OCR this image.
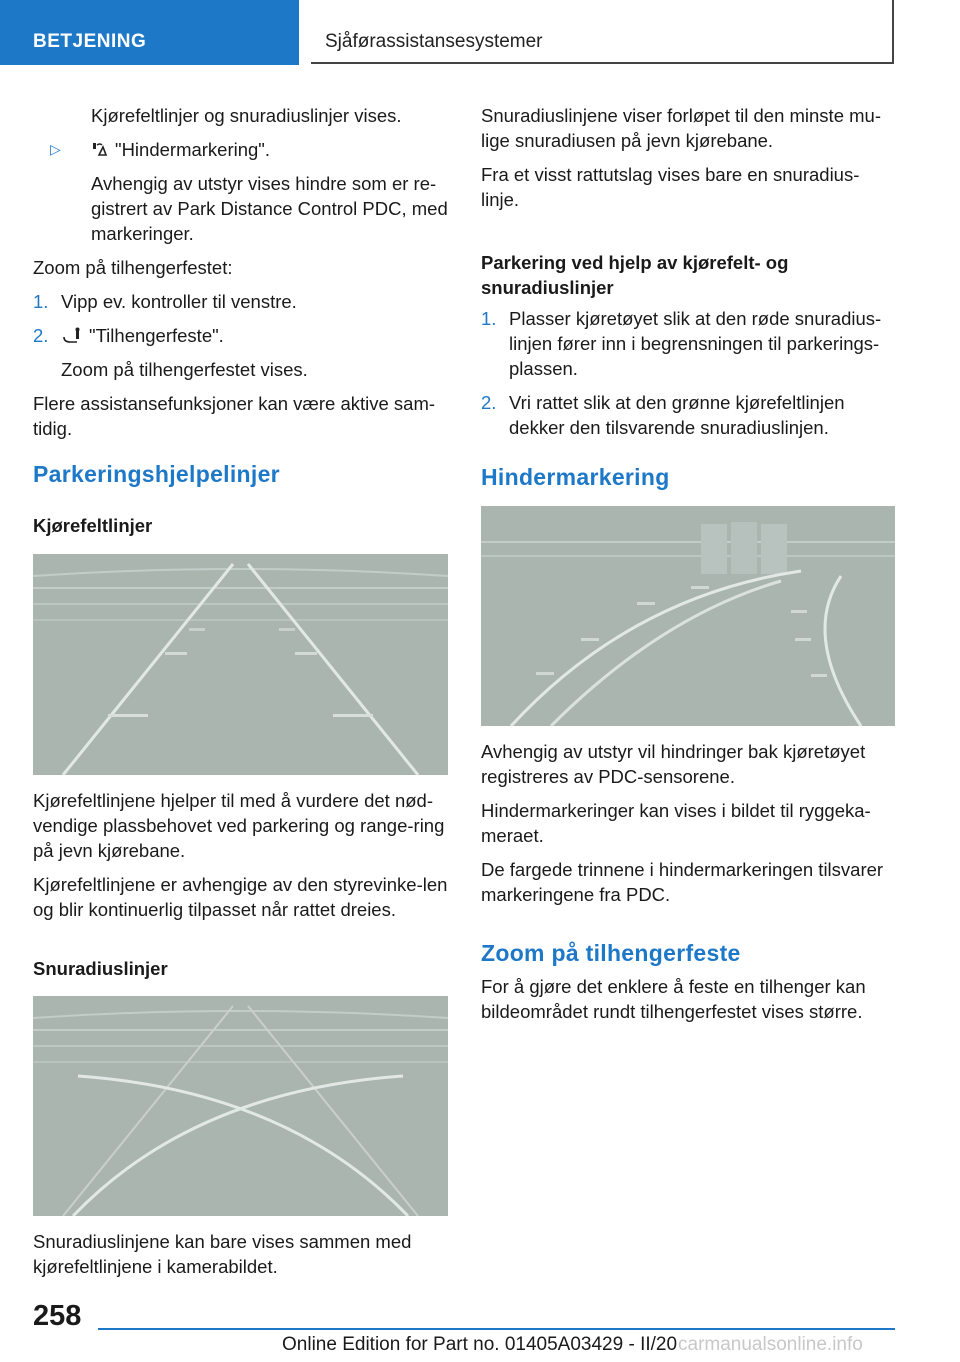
BETJENING	Sjåførassistansesystemer

Kjørefeltlinjer og snuradiuslinjer vises.

▷	"Hindermarkering".

Avhengig av utstyr vises hindre som er re-gistrert av Park Distance Control PDC, med markeringer.

Zoom på tilhengerfestet:

1. Vipp ev. kontroller til venstre.
2. "Tilhengerfeste".

Zoom på tilhengerfestet vises.

Flere assistansefunksjoner kan være aktive sam-tidig.

Parkeringshjelpelinjer
Kjørefeltlinjer

Kjørefeltlinjene hjelper til med å vurdere det nød-vendige plassbehovet ved parkering og range-ring på jevn kjørebane.

Kjørefeltlinjene er avhengige av den styrevinke-len og blir kontinuerlig tilpasset når rattet dreies.

Snuradiuslinjer

Snuradiuslinjene kan bare vises sammen med kjørefeltlinjene i kamerabildet.

Snuradiuslinjene viser forløpet til den minste mu-lige snuradiusen på jevn kjørebane.

Fra et visst rattutslag vises bare en snuradius-linje.

Parkering ved hjelp av kjørefelt- og snuradiuslinjer
1. Plasser kjøretøyet slik at den røde snuradius-linjen fører inn i begrensningen til parkerings-plassen.
2. Vri rattet slik at den grønne kjørefeltlinjen dekker den tilsvarende snuradiuslinjen.
Hindermarkering

Avhengig av utstyr vil hindringer bak kjøretøyet registreres av PDC-sensorene.

Hindermarkeringer kan vises i bildet til ryggeka-meraet.

De fargede trinnene i hindermarkeringen tilsvarer markeringene fra PDC.

Zoom på tilhengerfeste

For å gjøre det enklere å feste en tilhenger kan bildeområdet rundt tilhengerfestet vises større.

258
Online Edition for Part no. 01405A03429 - II/20 carmanualsonline.info
